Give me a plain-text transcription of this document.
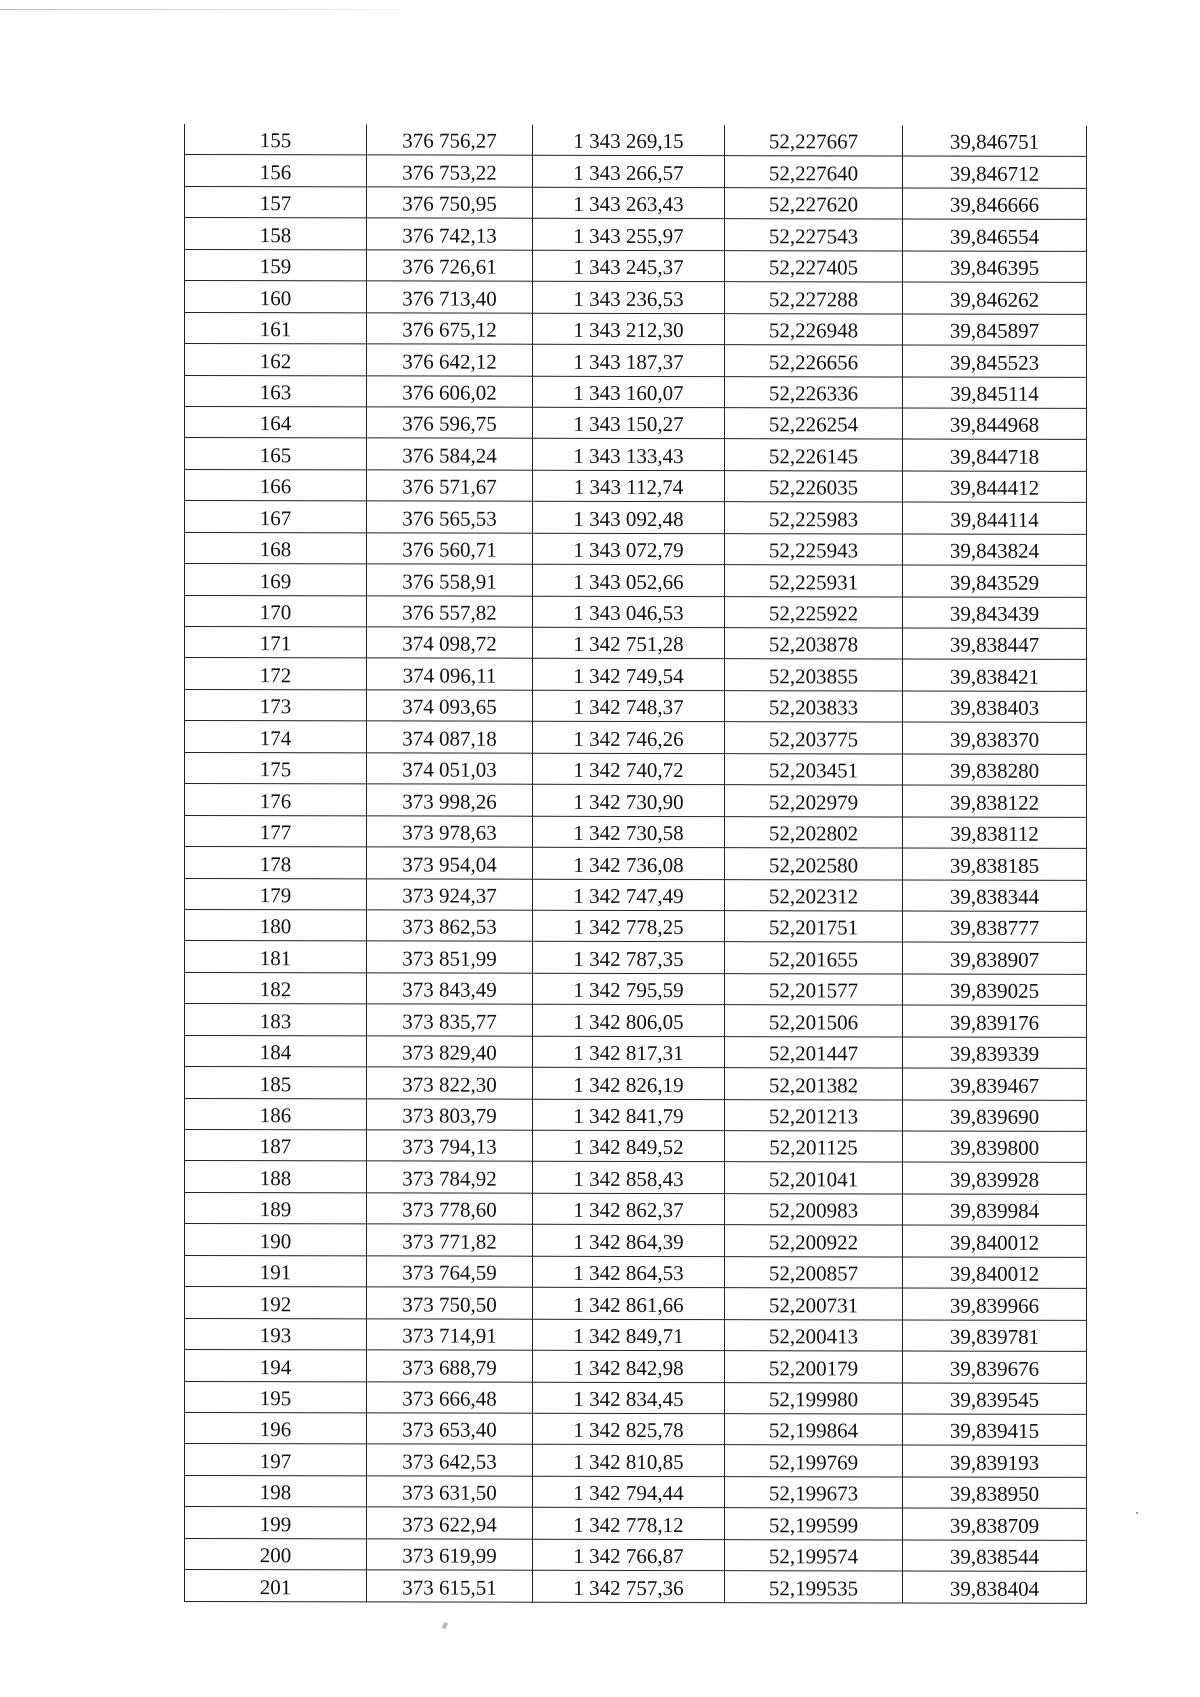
155	376 756,27	1 343 269,15	52,227667	39,846751
156	376 753,22	1 343 266,57	52,227640	39,846712
157	376 750,95	1 343 263,43	52,227620	39,846666
158	376 742,13	1 343 255,97	52,227543	39,846554
159	376 726,61	1 343 245,37	52,227405	39,846395
160	376 713,40	1 343 236,53	52,227288	39,846262
161	376 675,12	1 343 212,30	52,226948	39,845897
162	376 642,12	1 343 187,37	52,226656	39,845523
163	376 606,02	1 343 160,07	52,226336	39,845114
164	376 596,75	1 343 150,27	52,226254	39,844968
165	376 584,24	1 343 133,43	52,226145	39,844718
166	376 571,67	1 343 112,74	52,226035	39,844412
167	376 565,53	1 343 092,48	52,225983	39,844114
168	376 560,71	1 343 072,79	52,225943	39,843824
169	376 558,91	1 343 052,66	52,225931	39,843529
170	376 557,82	1 343 046,53	52,225922	39,843439
171	374 098,72	1 342 751,28	52,203878	39,838447
172	374 096,11	1 342 749,54	52,203855	39,838421
173	374 093,65	1 342 748,37	52,203833	39,838403
174	374 087,18	1 342 746,26	52,203775	39,838370
175	374 051,03	1 342 740,72	52,203451	39,838280
176	373 998,26	1 342 730,90	52,202979	39,838122
177	373 978,63	1 342 730,58	52,202802	39,838112
178	373 954,04	1 342 736,08	52,202580	39,838185
179	373 924,37	1 342 747,49	52,202312	39,838344
180	373 862,53	1 342 778,25	52,201751	39,838777
181	373 851,99	1 342 787,35	52,201655	39,838907
182	373 843,49	1 342 795,59	52,201577	39,839025
183	373 835,77	1 342 806,05	52,201506	39,839176
184	373 829,40	1 342 817,31	52,201447	39,839339
185	373 822,30	1 342 826,19	52,201382	39,839467
186	373 803,79	1 342 841,79	52,201213	39,839690
187	373 794,13	1 342 849,52	52,201125	39,839800
188	373 784,92	1 342 858,43	52,201041	39,839928
189	373 778,60	1 342 862,37	52,200983	39,839984
190	373 771,82	1 342 864,39	52,200922	39,840012
191	373 764,59	1 342 864,53	52,200857	39,840012
192	373 750,50	1 342 861,66	52,200731	39,839966
193	373 714,91	1 342 849,71	52,200413	39,839781
194	373 688,79	1 342 842,98	52,200179	39,839676
195	373 666,48	1 342 834,45	52,199980	39,839545
196	373 653,40	1 342 825,78	52,199864	39,839415
197	373 642,53	1 342 810,85	52,199769	39,839193
198	373 631,50	1 342 794,44	52,199673	39,838950
199	373 622,94	1 342 778,12	52,199599	39,838709
200	373 619,99	1 342 766,87	52,199574	39,838544
201	373 615,51	1 342 757,36	52,199535	39,838404
